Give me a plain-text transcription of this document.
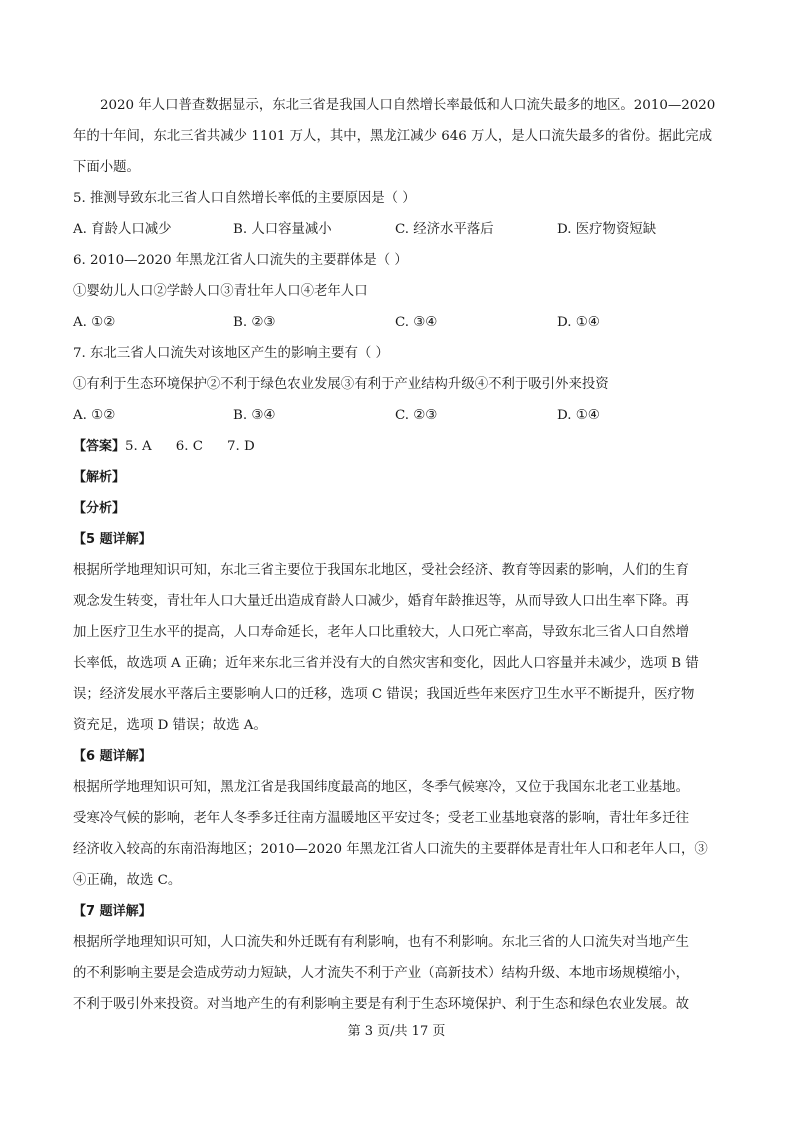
2020 年人口普查数据显示，东北三省是我国人口自然增长率最低和人口流失最多的地区。2010—2020
年的十年间，东北三省共减少 1101 万人，其中，黑龙江减少 646 万人，是人口流失最多的省份。据此完成
下面小题。
5. 推测导致东北三省人口自然增长率低的主要原因是（ ）
A. 育龄人口减少	B. 人口容量减小	C. 经济水平落后	D. 医疗物资短缺
6. 2010—2020 年黑龙江省人口流失的主要群体是（ ）
①婴幼儿人口②学龄人口③青壮年人口④老年人口
A. ①②	B. ②③	C. ③④	D. ①④
7. 东北三省人口流失对该地区产生的影响主要有（ ）
①有利于生态环境保护②不利于绿色农业发展③有利于产业结构升级④不利于吸引外来投资
A. ①②	B. ③④	C. ②③	D. ①④
【答案】5. A 6. C 7. D
【解析】
【分析】
【5 题详解】
根据所学地理知识可知，东北三省主要位于我国东北地区，受社会经济、教育等因素的影响，人们的生育
观念发生转变，青壮年人口大量迁出造成育龄人口减少，婚育年龄推迟等，从而导致人口出生率下降。再
加上医疗卫生水平的提高，人口寿命延长，老年人口比重较大，人口死亡率高，导致东北三省人口自然增
长率低，故选项 A 正确；近年来东北三省并没有大的自然灾害和变化，因此人口容量并未减少，选项 B 错
误；经济发展水平落后主要影响人口的迁移，选项 C 错误；我国近些年来医疗卫生水平不断提升，医疗物
资充足，选项 D 错误；故选 A。
【6 题详解】
根据所学地理知识可知，黑龙江省是我国纬度最高的地区，冬季气候寒冷，又位于我国东北老工业基地。
受寒冷气候的影响，老年人冬季多迁往南方温暖地区平安过冬；受老工业基地衰落的影响，青壮年多迁往
经济收入较高的东南沿海地区；2010—2020 年黑龙江省人口流失的主要群体是青壮年人口和老年人口，③
④正确，故选 C。
【7 题详解】
根据所学地理知识可知，人口流失和外迁既有有利影响，也有不利影响。东北三省的人口流失对当地产生
的不利影响主要是会造成劳动力短缺，人才流失不利于产业（高新技术）结构升级、本地市场规模缩小，
不利于吸引外来投资。对当地产生的有利影响主要是有利于生态环境保护、利于生态和绿色农业发展。故
第 3 页/共 17 页
